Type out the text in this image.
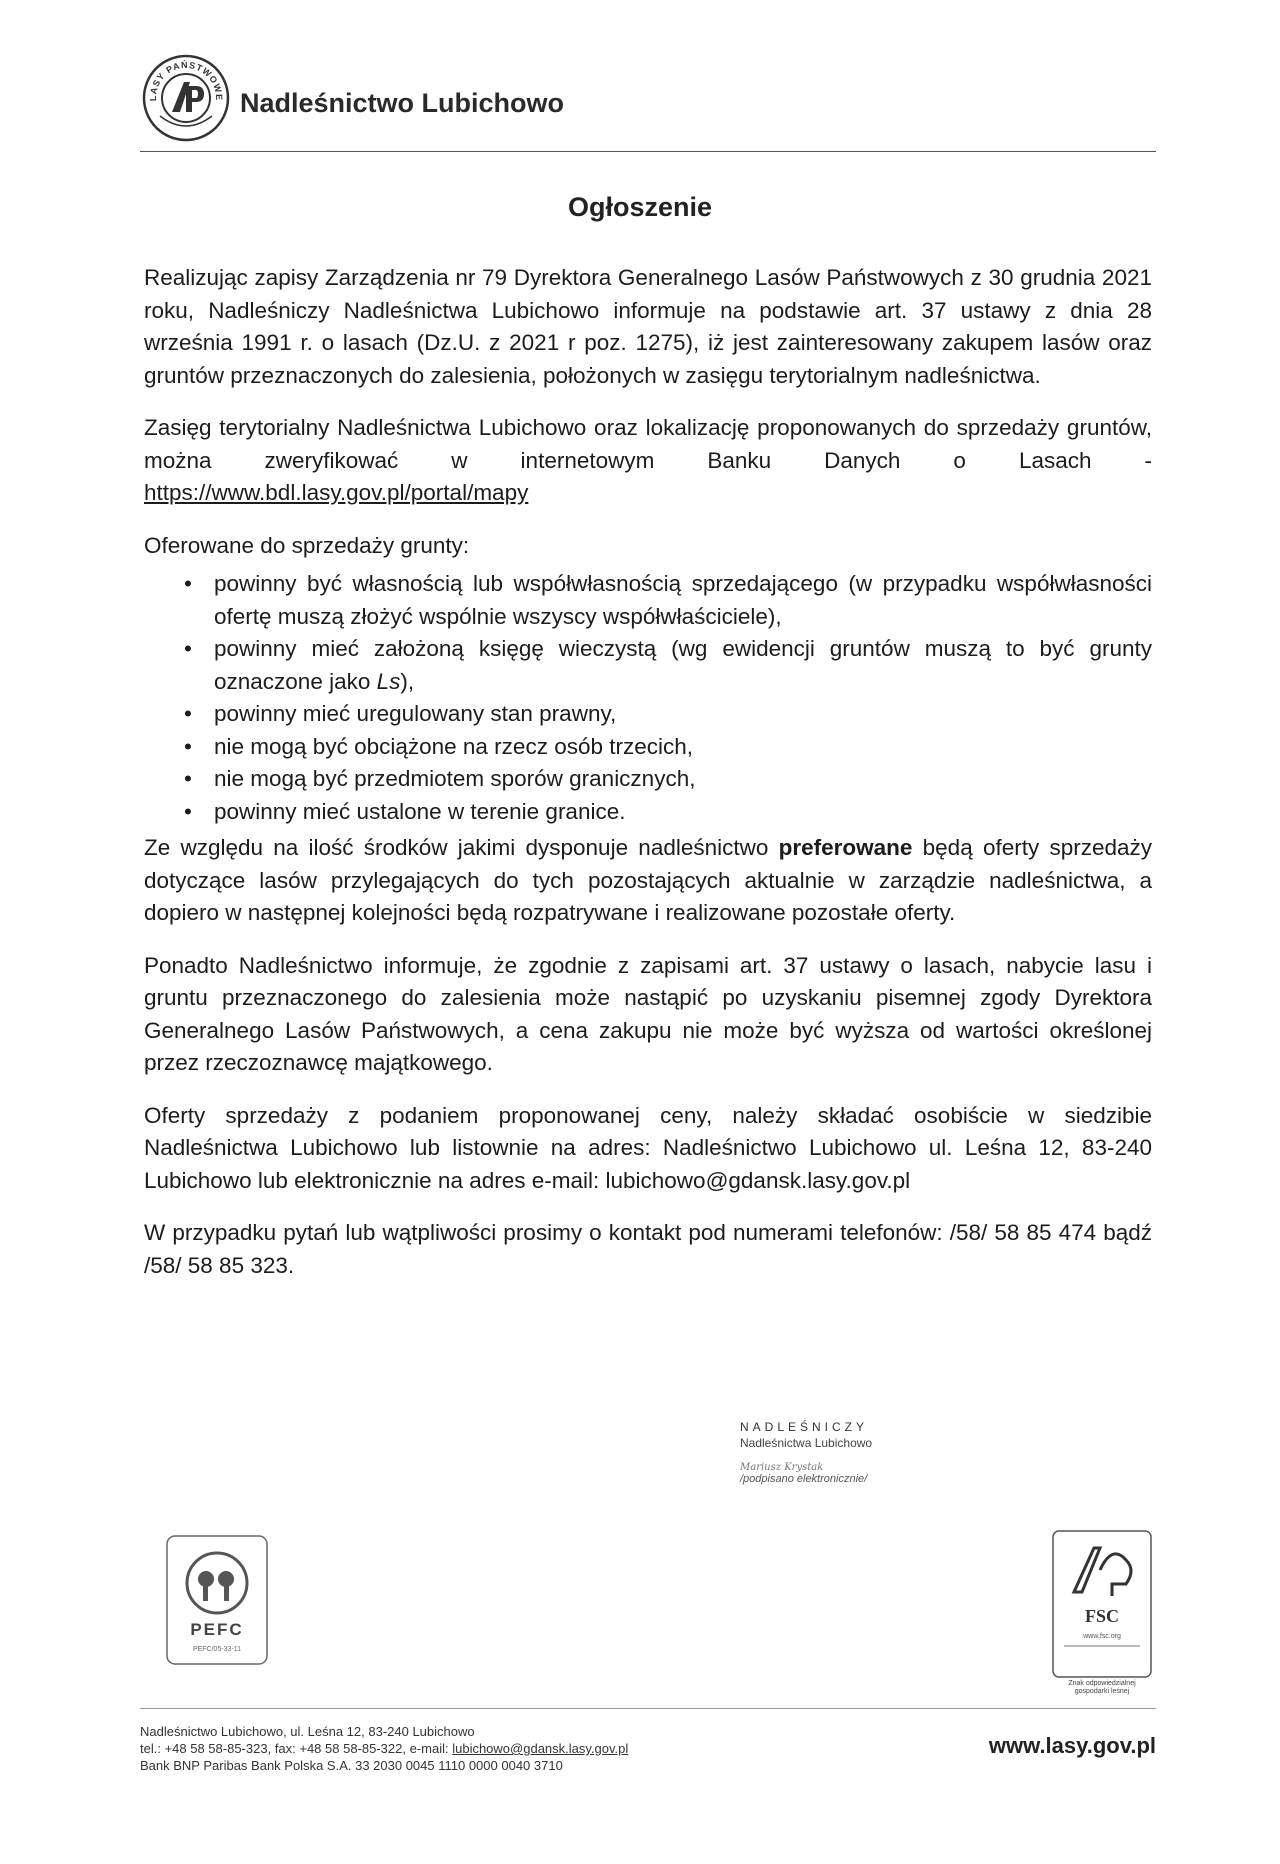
LASY PAŃSTWOWE Nadleśnictwo Lubichowo
Ogłoszenie

Realizując zapisy Zarządzenia nr 79 Dyrektora Generalnego Lasów Państwowych z 30 grudnia 2021 roku, Nadleśniczy Nadleśnictwa Lubichowo informuje na podstawie art. 37 ustawy z dnia 28 września 1991 r. o lasach (Dz.U. z 2021 r poz. 1275), iż jest zainteresowany zakupem lasów oraz gruntów przeznaczonych do zalesienia, położonych w zasięgu terytorialnym nadleśnictwa.

Zasięg terytorialny Nadleśnictwa Lubichowo oraz lokalizację proponowanych do sprzedaży gruntów, można zweryfikować w internetowym Banku Danych o Lasach - https://www.bdl.lasy.gov.pl/portal/mapy

Oferowane do sprzedaży grunty:

• powinny być własnością lub współwłasnością sprzedającego (w przypadku współwłasności ofertę muszą złożyć wspólnie wszyscy współwłaściciele),
• powinny mieć założoną księgę wieczystą (wg ewidencji gruntów muszą to być grunty oznaczone jako Ls),
• powinny mieć uregulowany stan prawny,
• nie mogą być obciążone na rzecz osób trzecich,
• nie mogą być przedmiotem sporów granicznych,
• powinny mieć ustalone w terenie granice.

Ze względu na ilość środków jakimi dysponuje nadleśnictwo preferowane będą oferty sprzedaży dotyczące lasów przylegających do tych pozostających aktualnie w zarządzie nadleśnictwa, a dopiero w następnej kolejności będą rozpatrywane i realizowane pozostałe oferty.

Ponadto Nadleśnictwo informuje, że zgodnie z zapisami art. 37 ustawy o lasach, nabycie lasu i gruntu przeznaczonego do zalesienia może nastąpić po uzyskaniu pisemnej zgody Dyrektora Generalnego Lasów Państwowych, a cena zakupu nie może być wyższa od wartości określonej przez rzeczoznawcę majątkowego.

Oferty sprzedaży z podaniem proponowanej ceny, należy składać osobiście w siedzibie Nadleśnictwa Lubichowo lub listownie na adres: Nadleśnictwo Lubichowo ul. Leśna 12, 83-240 Lubichowo lub elektronicznie na adres e-mail: lubichowo@gdansk.lasy.gov.pl

W przypadku pytań lub wątpliwości prosimy o kontakt pod numerami telefonów: /58/ 58 85 474 bądź /58/ 58 85 323.

NADLEŚNICZY
Nadleśnictwa Lubichowo
Mariusz Krystak
/podpisano elektronicznie/
PEFC
PEFC/05-33-11
FSC
www.fsc.org
Znak odpowiedzialnej gospodarki leśnej
Nadleśnictwo Lubichowo, ul. Leśna 12, 83-240 Lubichowo
tel.: +48 58 58-85-323, fax: +48 58 58-85-322, e-mail: lubichowo@gdansk.lasy.gov.pl
Bank BNP Paribas Bank Polska S.A. 33 2030 0045 1110 0000 0040 3710
www.lasy.gov.pl
